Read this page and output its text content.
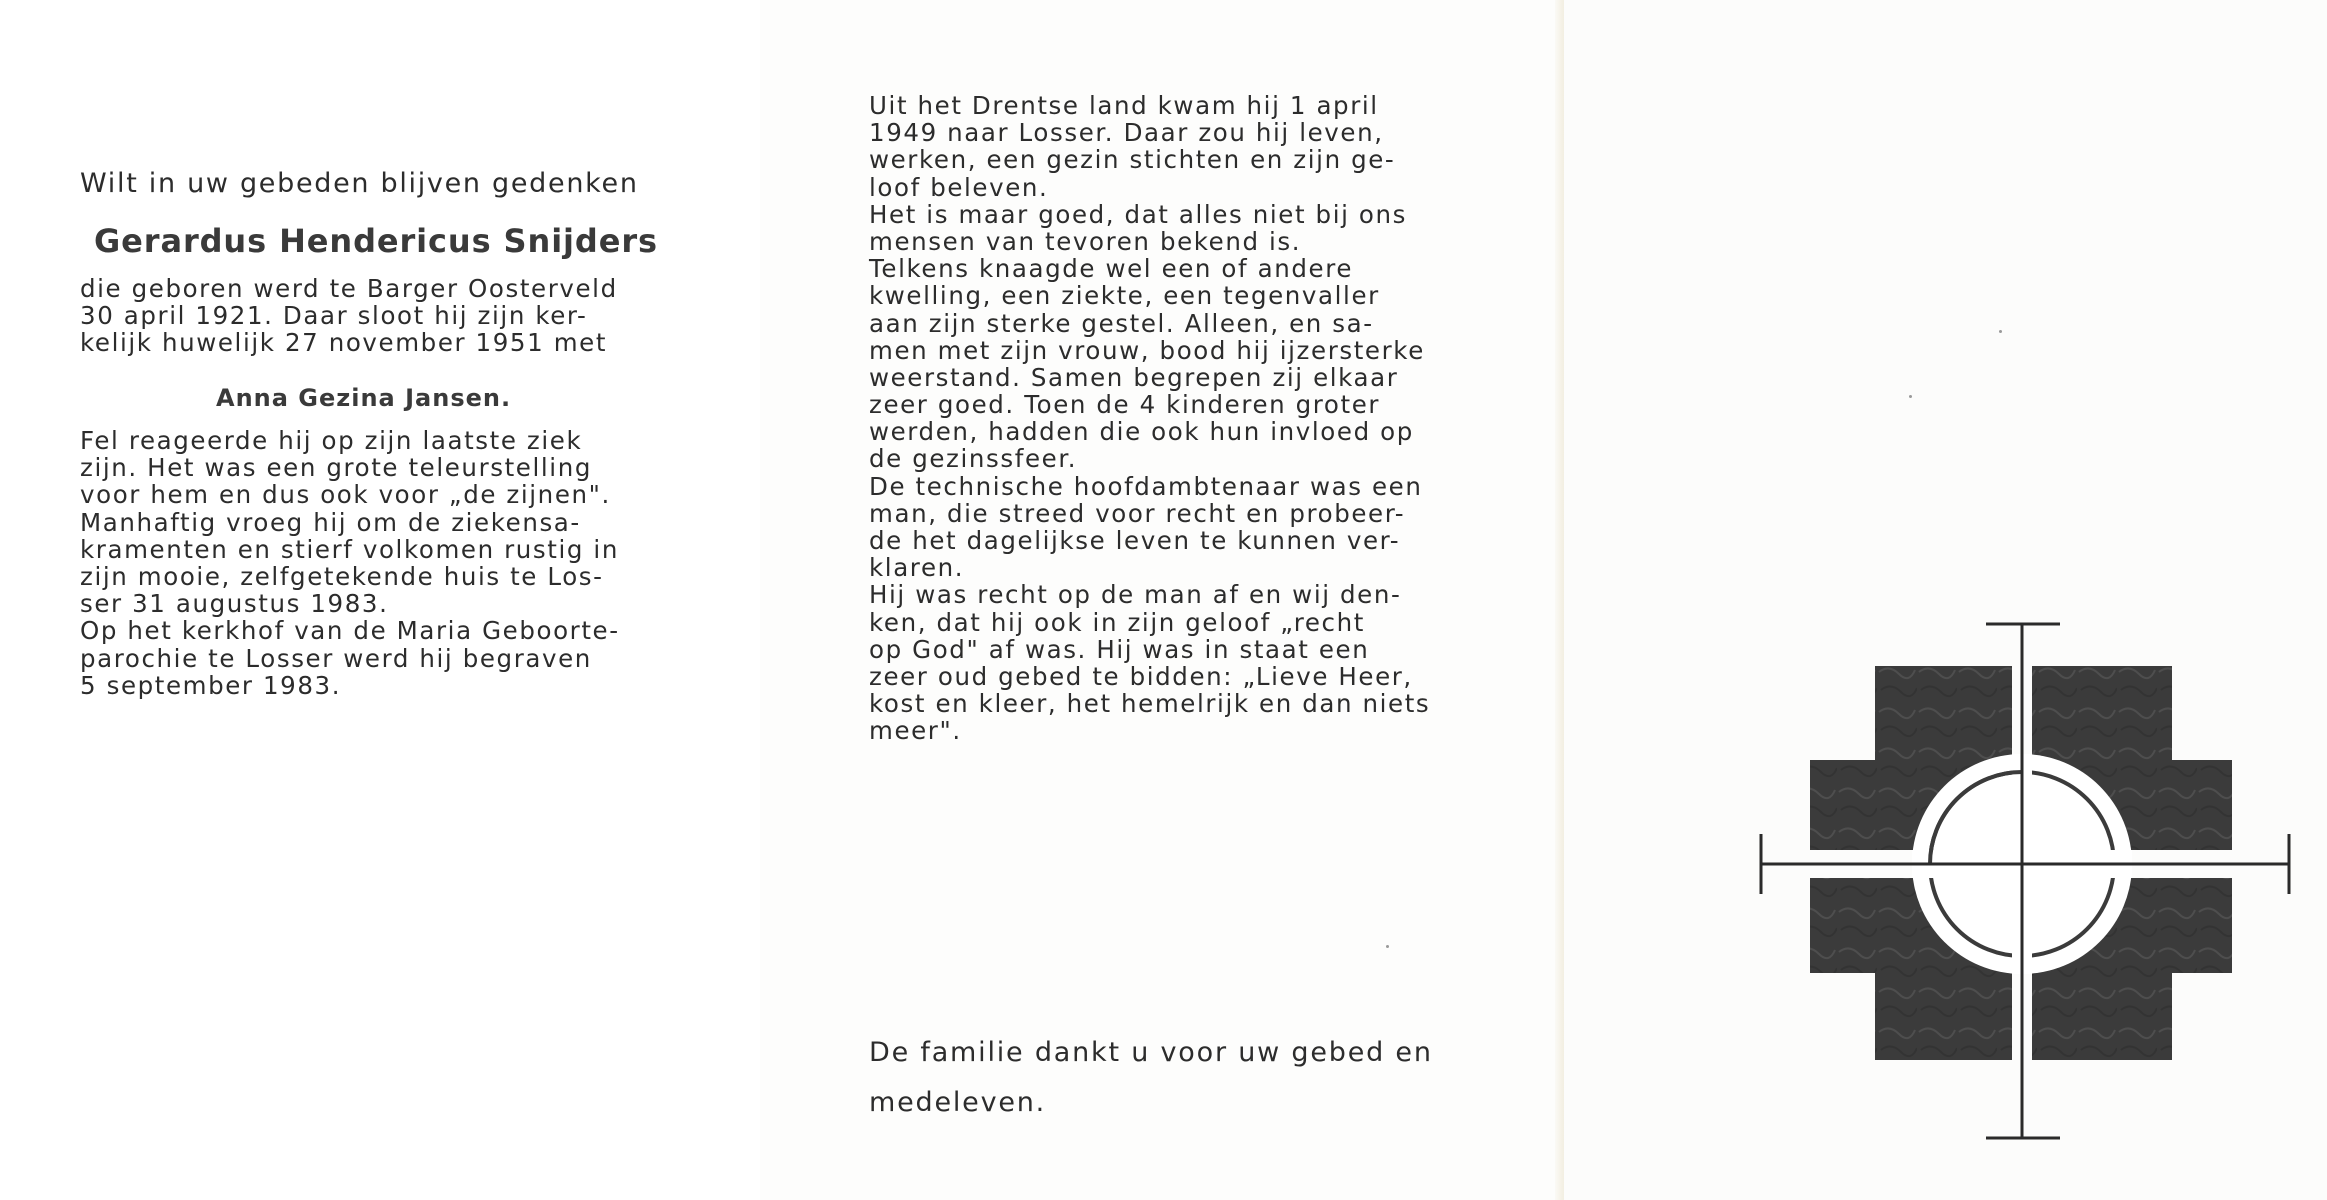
Wilt in uw gebeden blijven gedenken
Gerardus Hendericus Snijders
die geboren werd te Barger Oosterveld
30 april 1921. Daar sloot hij zijn ker-
kelijk huwelijk 27 november 1951 met
Anna Gezina Jansen.
Fel reageerde hij op zijn laatste ziek
zijn. Het was een grote teleurstelling
voor hem en dus ook voor „de zijnen".
Manhaftig vroeg hij om de ziekensa-
kramenten en stierf volkomen rustig in
zijn mooie, zelfgetekende huis te Los-
ser 31 augustus 1983.
Op het kerkhof van de Maria Geboorte-
parochie te Losser werd hij begraven
5 september 1983.
Uit het Drentse land kwam hij 1 april
1949 naar Losser. Daar zou hij leven,
werken, een gezin stichten en zijn ge-
loof beleven.
Het is maar goed, dat alles niet bij ons
mensen van tevoren bekend is.
Telkens knaagde wel een of andere
kwelling, een ziekte, een tegenvaller
aan zijn sterke gestel. Alleen, en sa-
men met zijn vrouw, bood hij ijzersterke
weerstand. Samen begrepen zij elkaar
zeer goed. Toen de 4 kinderen groter
werden, hadden die ook hun invloed op
de gezinssfeer.
De technische hoofdambtenaar was een
man, die streed voor recht en probeer-
de het dagelijkse leven te kunnen ver-
klaren.
Hij was recht op de man af en wij den-
ken, dat hij ook in zijn geloof „recht
op God" af was. Hij was in staat een
zeer oud gebed te bidden: „Lieve Heer,
kost en kleer, het hemelrijk en dan niets
meer".
De familie dankt u voor uw gebed en
medeleven.
